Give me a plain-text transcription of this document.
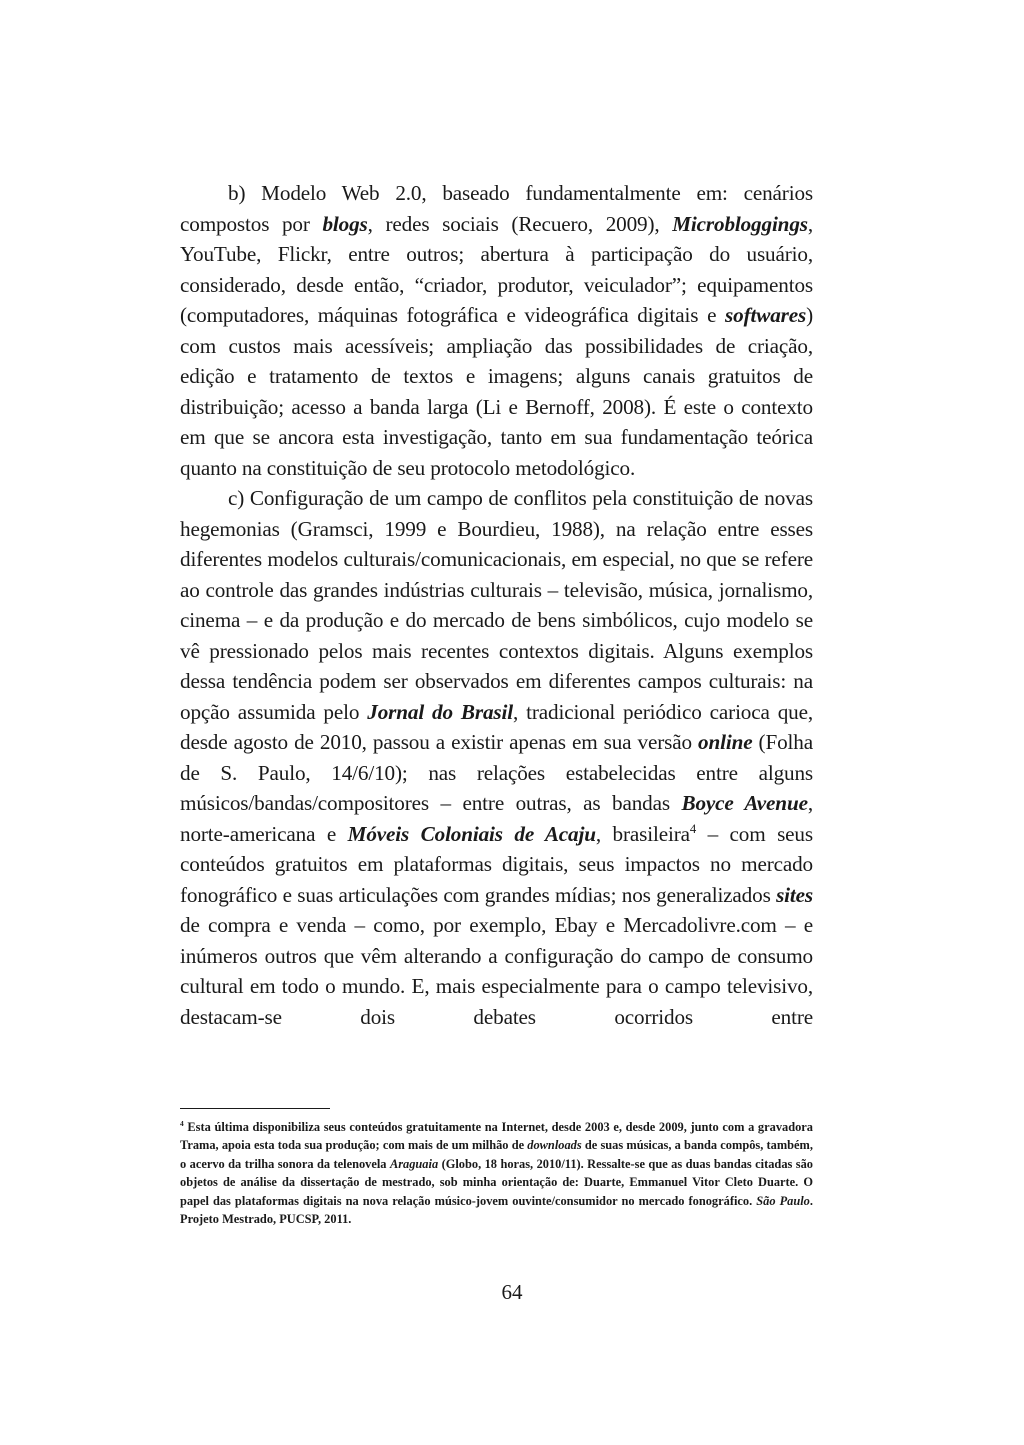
b) Modelo Web 2.0, baseado fundamentalmente em: cenários compostos por blogs, redes sociais (Recuero, 2009), Microbloggings, YouTube, Flickr, entre outros; abertura à participação do usuário, considerado, desde então, “criador, produtor, veiculador”; equipamentos (computadores, máquinas fotográfica e videográfica digitais e softwares) com custos mais acessíveis; ampliação das possibilidades de criação, edição e tratamento de textos e imagens; alguns canais gratuitos de distribuição; acesso a banda larga (Li e Bernoff, 2008). É este o contexto em que se ancora esta investigação, tanto em sua fundamentação teórica quanto na constituição de seu protocolo metodológico.

c) Configuração de um campo de conflitos pela constituição de novas hegemonias (Gramsci, 1999 e Bourdieu, 1988), na relação entre esses diferentes modelos culturais/comunicacionais, em especial, no que se refere ao controle das grandes indústrias culturais – televisão, música, jornalismo, cinema – e da produção e do mercado de bens simbólicos, cujo modelo se vê pressionado pelos mais recentes contextos digitais. Alguns exemplos dessa tendência podem ser observados em diferentes campos culturais: na opção assumida pelo Jornal do Brasil, tradicional periódico carioca que, desde agosto de 2010, passou a existir apenas em sua versão online (Folha de S. Paulo, 14/6/10); nas relações estabelecidas entre alguns músicos/bandas/compositores – entre outras, as bandas Boyce Avenue, norte-americana e Móveis Coloniais de Acaju, brasileira$^4$ – com seus conteúdos gratuitos em plataformas digitais, seus impactos no mercado fonográfico e suas articulações com grandes mídias; nos generalizados sites de compra e venda – como, por exemplo, Ebay e Mercadolivre.com – e inúmeros outros que vêm alterando a configuração do campo de consumo cultural em todo o mundo. E, mais especialmente para o campo televisivo, destacam-se dois debates ocorridos entre

$^4$ Esta última disponibiliza seus conteúdos gratuitamente na Internet, desde 2003 e, desde 2009, junto com a gravadora Trama, apoia esta toda sua produção; com mais de um milhão de downloads de suas músicas, a banda compôs, também, o acervo da trilha sonora da telenovela Araguaia (Globo, 18 horas, 2010/11). Ressalte-se que as duas bandas citadas são objetos de análise da dissertação de mestrado, sob minha orientação de: Duarte, Emmanuel Vitor Cleto Duarte. O papel das plataformas digitais na nova relação músico-jovem ouvinte/consumidor no mercado fonográfico. São Paulo. Projeto Mestrado, PUCSP, 2011.
64
